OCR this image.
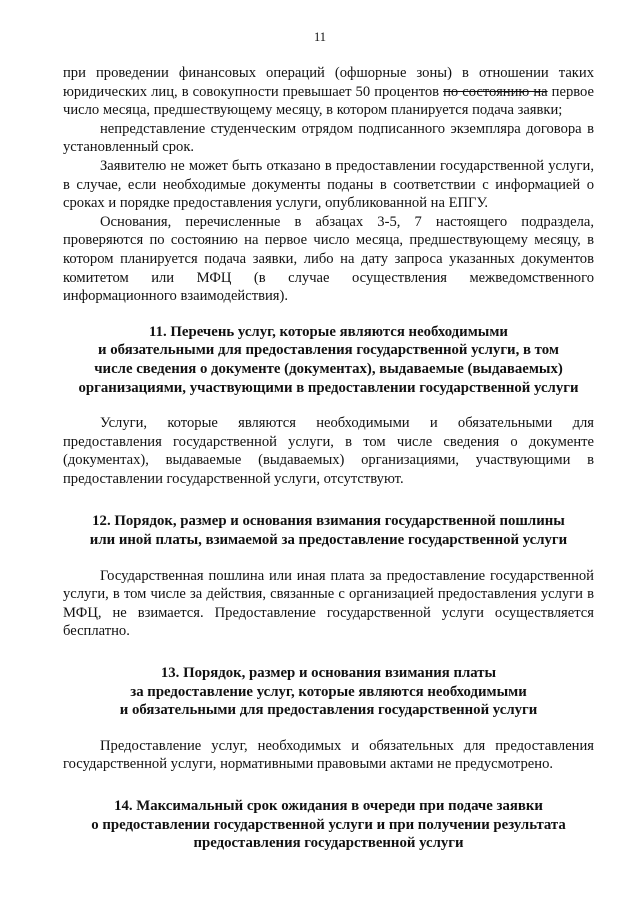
11

при проведении финансовых операций (офшорные зоны) в отношении таких юридических лиц, в совокупности превышает 50 процентов по состоянию на первое число месяца, предшествующему месяцу, в котором планируется подача заявки;

непредставление студенческим отрядом подписанного экземпляра договора в установленный срок.

Заявителю не может быть отказано в предоставлении государственной услуги, в случае, если необходимые документы поданы в соответствии с информацией о сроках и порядке предоставления услуги, опубликованной на ЕПГУ.

Основания, перечисленные в абзацах 3-5, 7 настоящего подраздела, проверяются по состоянию на первое число месяца, предшествующему месяцу, в котором планируется подача заявки, либо на дату запроса указанных документов комитетом или МФЦ (в случае осуществления межведомственного информационного взаимодействия).

11. Перечень услуг, которые являются необходимыми

и обязательными для предоставления государственной услуги, в том

числе сведения о документе (документах), выдаваемые (выдаваемых)

организациями, участвующими в предоставлении государственной услуги

Услуги, которые являются необходимыми и обязательными для предоставления государственной услуги, в том числе сведения о документе (документах), выдаваемые (выдаваемых) организациями, участвующими в предоставлении государственной услуги, отсутствуют.

12. Порядок, размер и основания взимания государственной пошлины

или иной платы, взимаемой за предоставление государственной услуги

Государственная пошлина или иная плата за предоставление государственной услуги, в том числе за действия, связанные с организацией предоставления услуги в МФЦ, не взимается. Предоставление государственной услуги осуществляется бесплатно.

13. Порядок, размер и основания взимания платы

за предоставление услуг, которые являются необходимыми

и обязательными для предоставления государственной услуги

Предоставление услуг, необходимых и обязательных для предоставления государственной услуги, нормативными правовыми актами не предусмотрено.

14. Максимальный срок ожидания в очереди при подаче заявки

о предоставлении государственной услуги и при получении результата

предоставления государственной услуги
